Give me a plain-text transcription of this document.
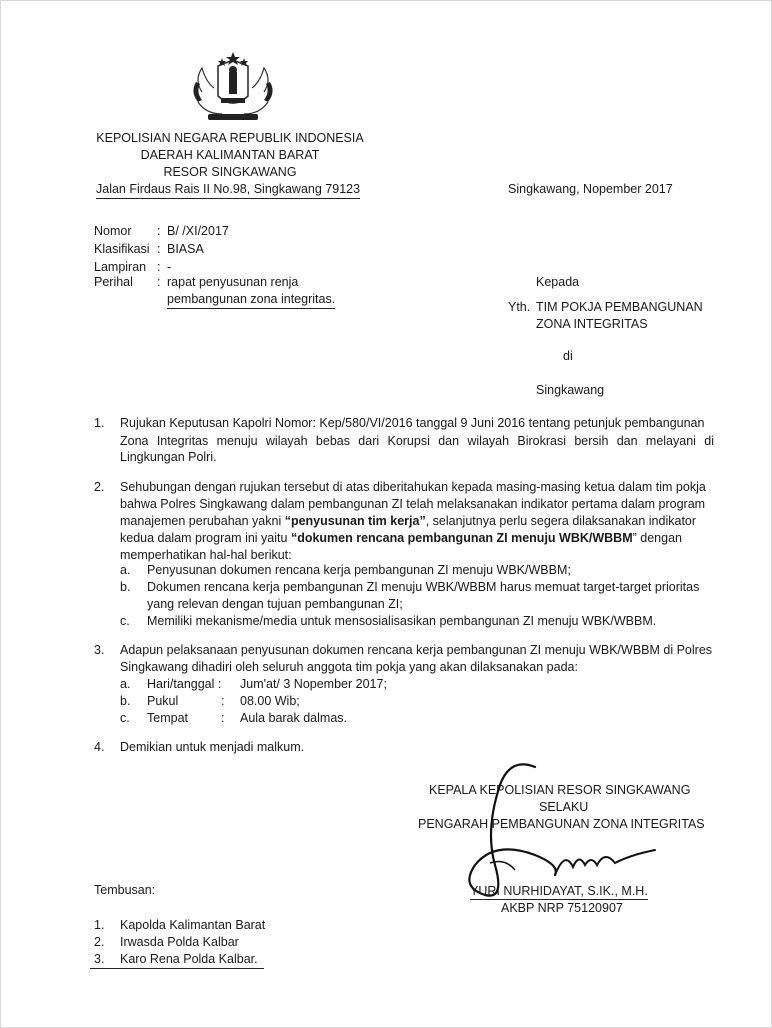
KEPOLISIAN NEGARA REPUBLIK INDONESIA
DAERAH KALIMANTAN BARAT
RESOR SINGKAWANG
Jalan Firdaus Rais II No.98, Singkawang 79123	Singkawang, Nopember 2017
Nomor : B/ /XI/2017
Klasifikasi : BIASA
Lampiran : -
Perihal : rapat penyusunan renja
pembangunan zona integritas.
Kepada
Yth. TIM POKJA PEMBANGUNAN
ZONA INTEGRITAS
di
Singkawang
1. Rujukan Keputusan Kapolri Nomor: Kep/580/VI/2016 tanggal 9 Juni 2016 tentang petunjuk pembangunan
Zona Integritas menuju wilayah bebas dari Korupsi dan wilayah Birokrasi bersih dan melayani di
Lingkungan Polri.
2. Sehubungan dengan rujukan tersebut di atas diberitahukan kepada masing-masing ketua dalam tim pokja
bahwa Polres Singkawang dalam pembangunan ZI telah melaksanakan indikator pertama dalam program
manajemen perubahan yakni “penyusunan tim kerja”, selanjutnya perlu segera dilaksanakan indikator
kedua dalam program ini yaitu “dokumen rencana pembangunan ZI menuju WBK/WBBM” dengan
memperhatikan hal-hal berikut:
a. Penyusunan dokumen rencana kerja pembangunan ZI menuju WBK/WBBM;
b. Dokumen rencana kerja pembangunan ZI menuju WBK/WBBM harus memuat target-target prioritas
yang relevan dengan tujuan pembangunan ZI;
c. Memiliki mekanisme/media untuk mensosialisasikan pembangunan ZI menuju WBK/WBBM.
3. Adapun pelaksanaan penyusunan dokumen rencana kerja pembangunan ZI menuju WBK/WBBM di Polres
Singkawang dihadiri oleh seluruh anggota tim pokja yang akan dilaksanakan pada:
a. Hari/tanggal : Jum'at/ 3 Nopember 2017;
b. Pukul	: 08.00 Wib;
c. Tempat	: Aula barak dalmas.
4. Demikian untuk menjadi malkum.
KEPALA KEPOLISIAN RESOR SINGKAWANG
SELAKU
PENGARAH PEMBANGUNAN ZONA INTEGRITAS
YURI NURHIDAYAT, S.IK., M.H.
AKBP NRP 75120907
Tembusan:
1. Kapolda Kalimantan Barat
2. Irwasda Polda Kalbar
3. Karo Rena Polda Kalbar.
